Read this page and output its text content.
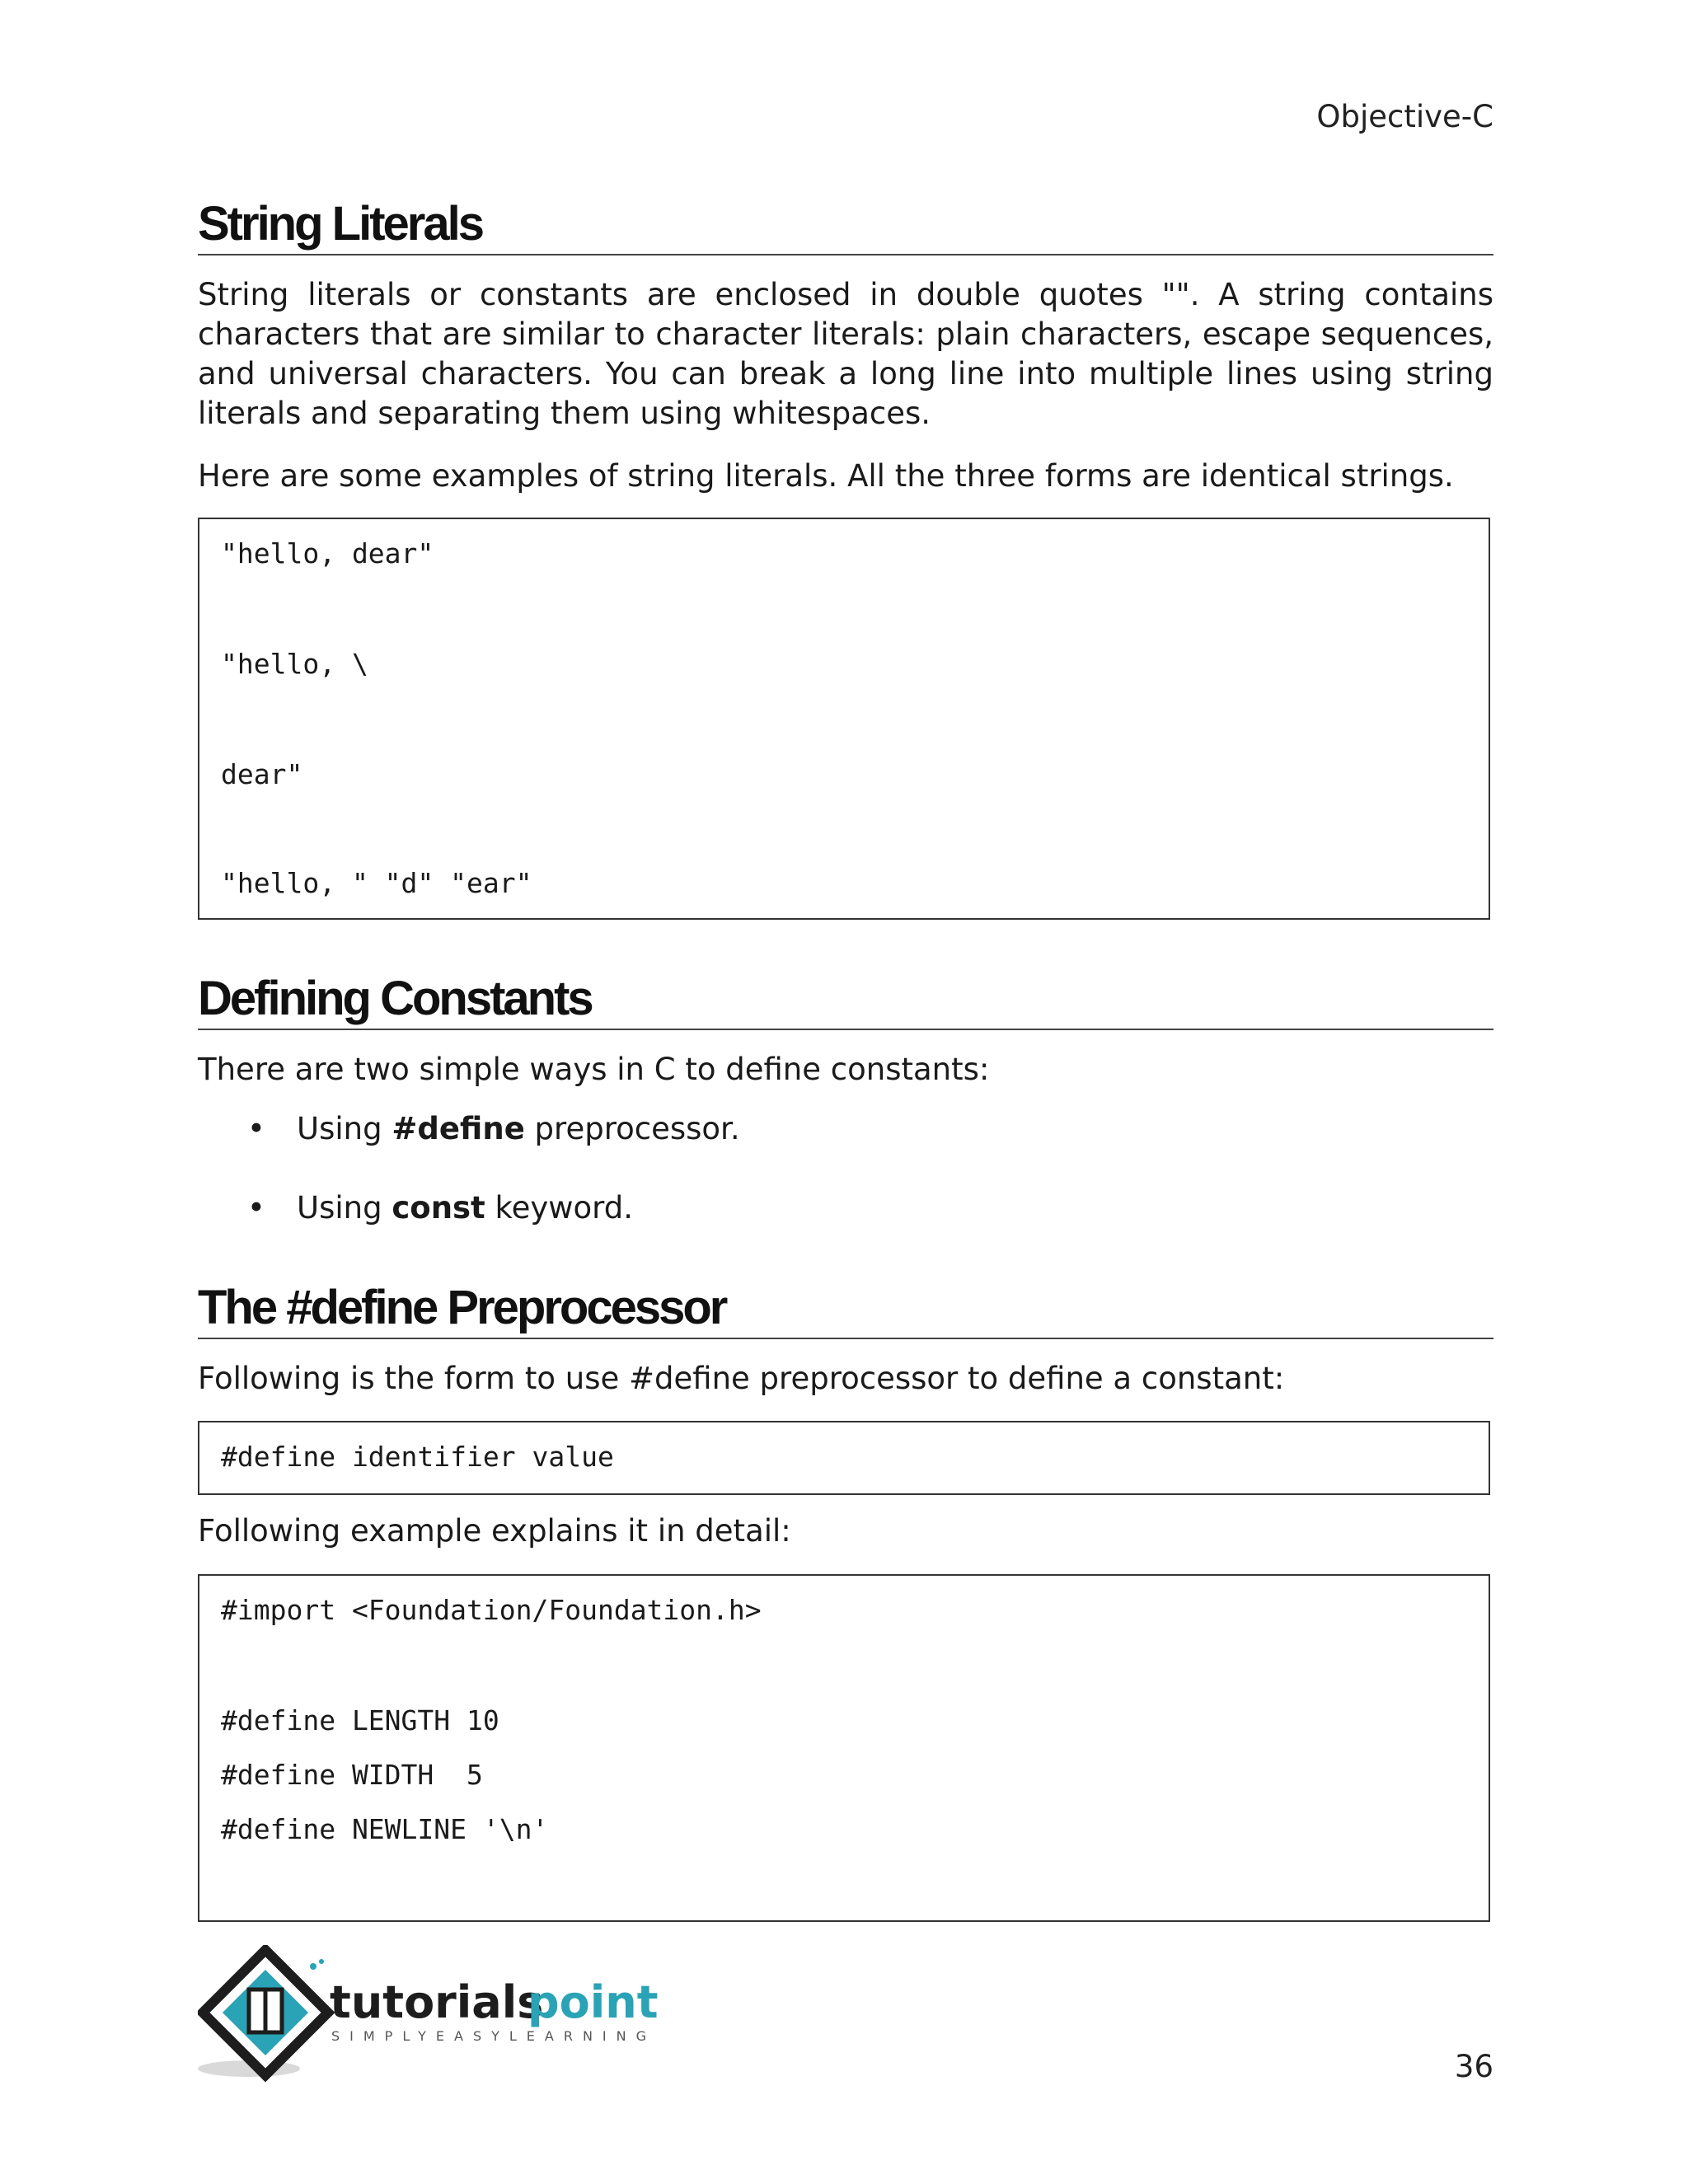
Objective-C
String Literals

String literals or constants are enclosed in double quotes "". A string contains characters that are similar to character literals: plain characters, escape sequences, and universal characters. You can break a long line into multiple lines using string literals and separating them using whitespaces.

Here are some examples of string literals. All the three forms are identical strings.

"hello, dear"
"hello, \
dear"
"hello, " "d" "ear"
Defining Constants

There are two simple ways in C to define constants:

• Using #define preprocessor.
• Using const keyword.
The #define Preprocessor

Following is the form to use #define preprocessor to define a constant:

#define identifier value

Following example explains it in detail:

#import <Foundation/Foundation.h>
#define LENGTH 10
#define WIDTH  5
#define NEWLINE '\n'
tutorials
point
SIMPLYEASYLEARNING
36
